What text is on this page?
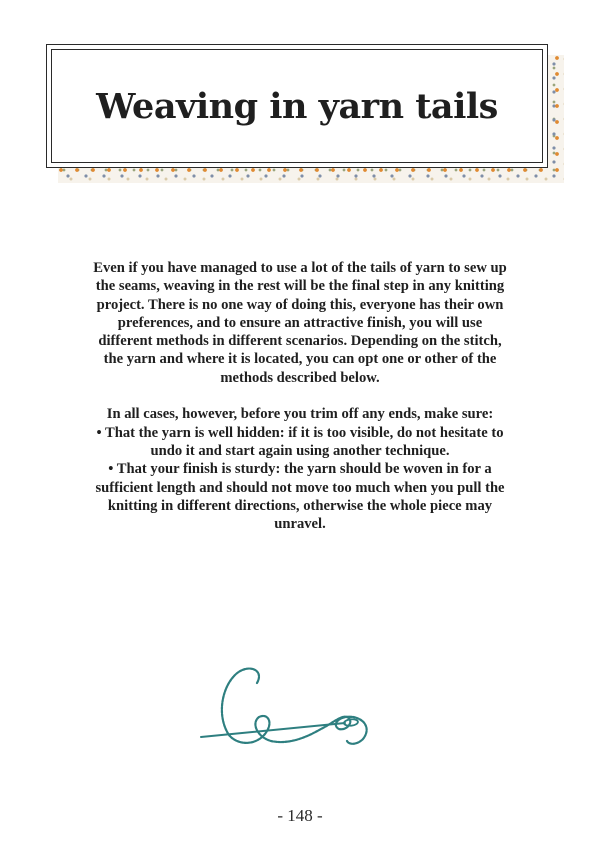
Weaving in yarn tails

Even if you have managed to use a lot of the tails of yarn to sew up the seams, weaving in the rest will be the final step in any knitting project. There is no one way of doing this, everyone has their own preferences, and to ensure an attractive finish, you will use different methods in different scenarios. Depending on the stitch, the yarn and where it is located, you can opt one or other of the methods described below.

In all cases, however, before you trim off any ends, make sure:

• That the yarn is well hidden: if it is too visible, do not hesitate to undo it and start again using another technique.

• That your finish is sturdy: the yarn should be woven in for a sufficient length and should not move too much when you pull the knitting in different directions, otherwise the whole piece may unravel.

- 148 -
